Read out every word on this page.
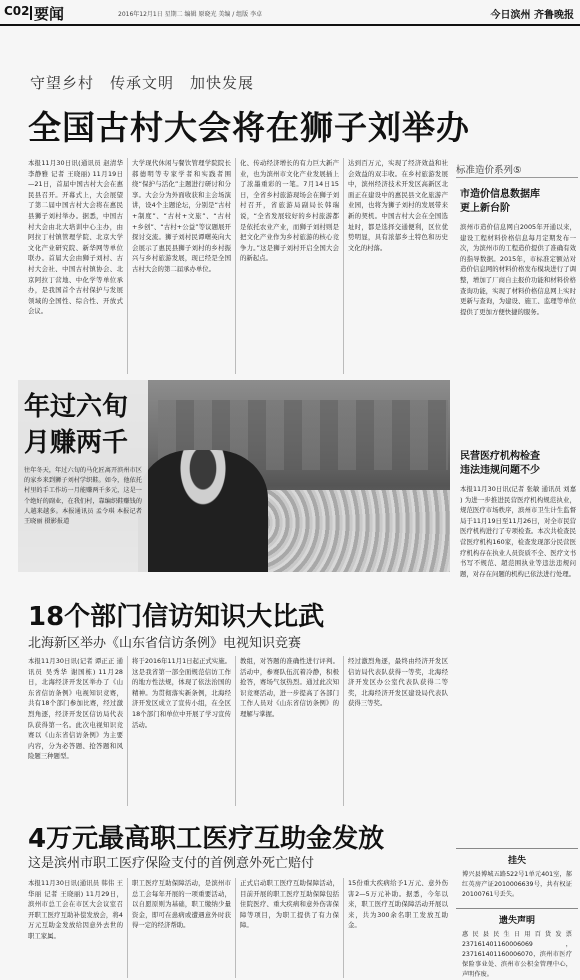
C02 要闻	2016年12月1日 星期二 编辑 原晓光 美编 / 组版 李卓	今日滨州 齐鲁晚报
守望乡村　传承文明　加快发展
全国古村大会将在狮子刘举办
本报11月30日讯(通讯员 赵清华 李静雅 记者 王晓丽) 11月19日—21日，首届中国古村大会在惠民县召开。开幕式上，大会展望了第二届中国古村大会将在惠民县狮子刘村举办。据悉，中国古村大会由北大培训中心主办，由阿拉丁村镇管理学院、北京大学文化产业研究院、新华网等单位联办。首届大会由狮子刘村、古村大会社、中国古村镇协会、北京阿拉丁营地、中化学等单位承办，是我国首个古村保护与发展领域的全国性、综合性、开放式会议。
大学现代休闲与餐饮管理学院院长郝德明等专家学者和实践者围绕“保护与活化”主题进行研讨和分享。大会分为外面收获和主会场演讲，设4个主题论坛，分别是“古村+制度”、“古村+文旅”、“古村+乡创”、“古村+公益”等议题展开探讨交流。狮子刘村民谭曙英向大会展示了惠民县狮子刘村的乡村振兴与乡村旅游发展，现已经是全国古村大会的第二届承办单位。
化、传动经济增长的有力巨大新产业，也为滨州市文化产业发展插上了浓墨重彩的一笔。7月14日15日，全省乡村旅游现场会在狮子刘村召开，省旅游局副局长韩瑞说，“全省发展较好的乡村旅游都是依托农业产业，而狮子刘村则是把文化产业作为乡村旅游的核心竞争力。”这是狮子刘村开启全国大会的新起点。
达到百万元，实现了经济效益和社会效益的双丰收。在乡村旅游发展中，滨州经济技术开发区高新区北面正在建设中的惠民县文化旅游产业园，也将为狮子刘村的发展带来新的契机。中国古村大会在全国选址时，都是选择交通便利，区位优势明显，具有浓郁乡土特色和历史文化的村落。
年过六旬
月赚两千
往年冬天，年过六旬的马化匠离开滨州市区的家乡来到狮子刘村学织鞋。如今，他依托村里的手工作坊一月能赚两千多元，这是一个绝好的副业，在我们村，靠编织鞋赚钱的人越来越多。本报通讯员 孟令琪 本报记者 王晓丽 摄影报道
18个部门信访知识大比武
北海新区举办《山东省信访条例》电视知识竞赛
本报11月30日讯(记者 谭正正 通讯员 吴秀华 谢国栋) 11月28日，北海经济开发区举办了《山东省信访条例》电视知识竞赛，共有18个部门参加比赛，经过激烈角逐，经济开发区信访局代表队获得第一名。此次电视知识竞赛以《山东省信访条例》为主要内容，分为必答题、抢答题和风险题三种题型。
将于2016年11月1日起正式实施。这是我省第一部全面规范信访工作的地方性法规，体现了依法治国的精神。为贯彻落实新条例，北海经济开发区成立了宣传小组，在全区18个部门和单位中开展了学习宣传活动。
教组，对答题的准确性进行评判。活动中，参赛队伍沉着冷静，积极抢答，赛场气氛热烈。通过此次知识竞赛活动，进一步提高了各部门工作人员对《山东省信访条例》的理解与掌握。
经过激烈角逐，最终由经济开发区信访局代表队获得一等奖，北海经济开发区办公室代表队获得二等奖，北海经济开发区建设局代表队获得三等奖。
4万元最高职工医疗互助金发放
这是滨州市职工医疗保险支付的首例意外死亡赔付
本报11月30日讯(通讯员 韩伟 王华丽 记者 王晓丽) 11月29日，滨州市总工会在市区大会议室召开职工医疗互助补偿发放会，将4万元互助金发放给因意外去世的职工家属。
职工医疗互助保障活动，是滨州市总工会每年开展的一项重要活动，以自愿原则为基础，职工缴纳少量资金，即可在患病或遭遇意外时获得一定的经济帮助。
正式启动职工医疗互助保障活动，目前开展的职工医疗互助保障包括住院医疗、重大疾病和意外伤害保障等项目，为职工提供了有力保障。
15份重大疾病给予1万元、意外伤害2—5万元补助。据悉，今年以来，职工医疗互助保障活动开展以来，共为300余名职工发放互助金。
标准造价系列⑤
市造价信息数据库
更上新台阶
滨州市造价信息网自2005年开通以来，建设工程材料价格信息每月定期发布一次，为滨州市的工程造价提供了准确有效的指导数据。2015年，市标准定额站对造价信息网的材料价格发布模块进行了调整，增加了厂商自主报价功能和材料价格查询功能，实现了材料价格信息网上实时更新与查询，为建设、施工、监理等单位提供了更加方便快捷的服务。
民营医疗机构检查
违法违规问题不少
本报11月30日讯(记者 张敏 通讯员 刘嘉 ) 为进一步推进民营医疗机构规范执业，规范医疗市场秩序，滨州市卫生计生监督局于11月19日至11月26日，对全市民营医疗机构进行了专项检查。本次共检查民营医疗机构160家，检查发现部分民营医疗机构存在执业人员资质不全、医疗文书书写不规范、超范围执业等违法违规问题，对存在问题的机构已依法进行处理。
挂失
博兴县博城五路522号1单元401室，郝红英房产证2010006639号，共有权证20100761号丢失。
遗失声明
惠民县民生日用百货发票237161401160006069，237161401160006070，滨州市医疗保险事业处、滨州市公积金管理中心，声明作废。
